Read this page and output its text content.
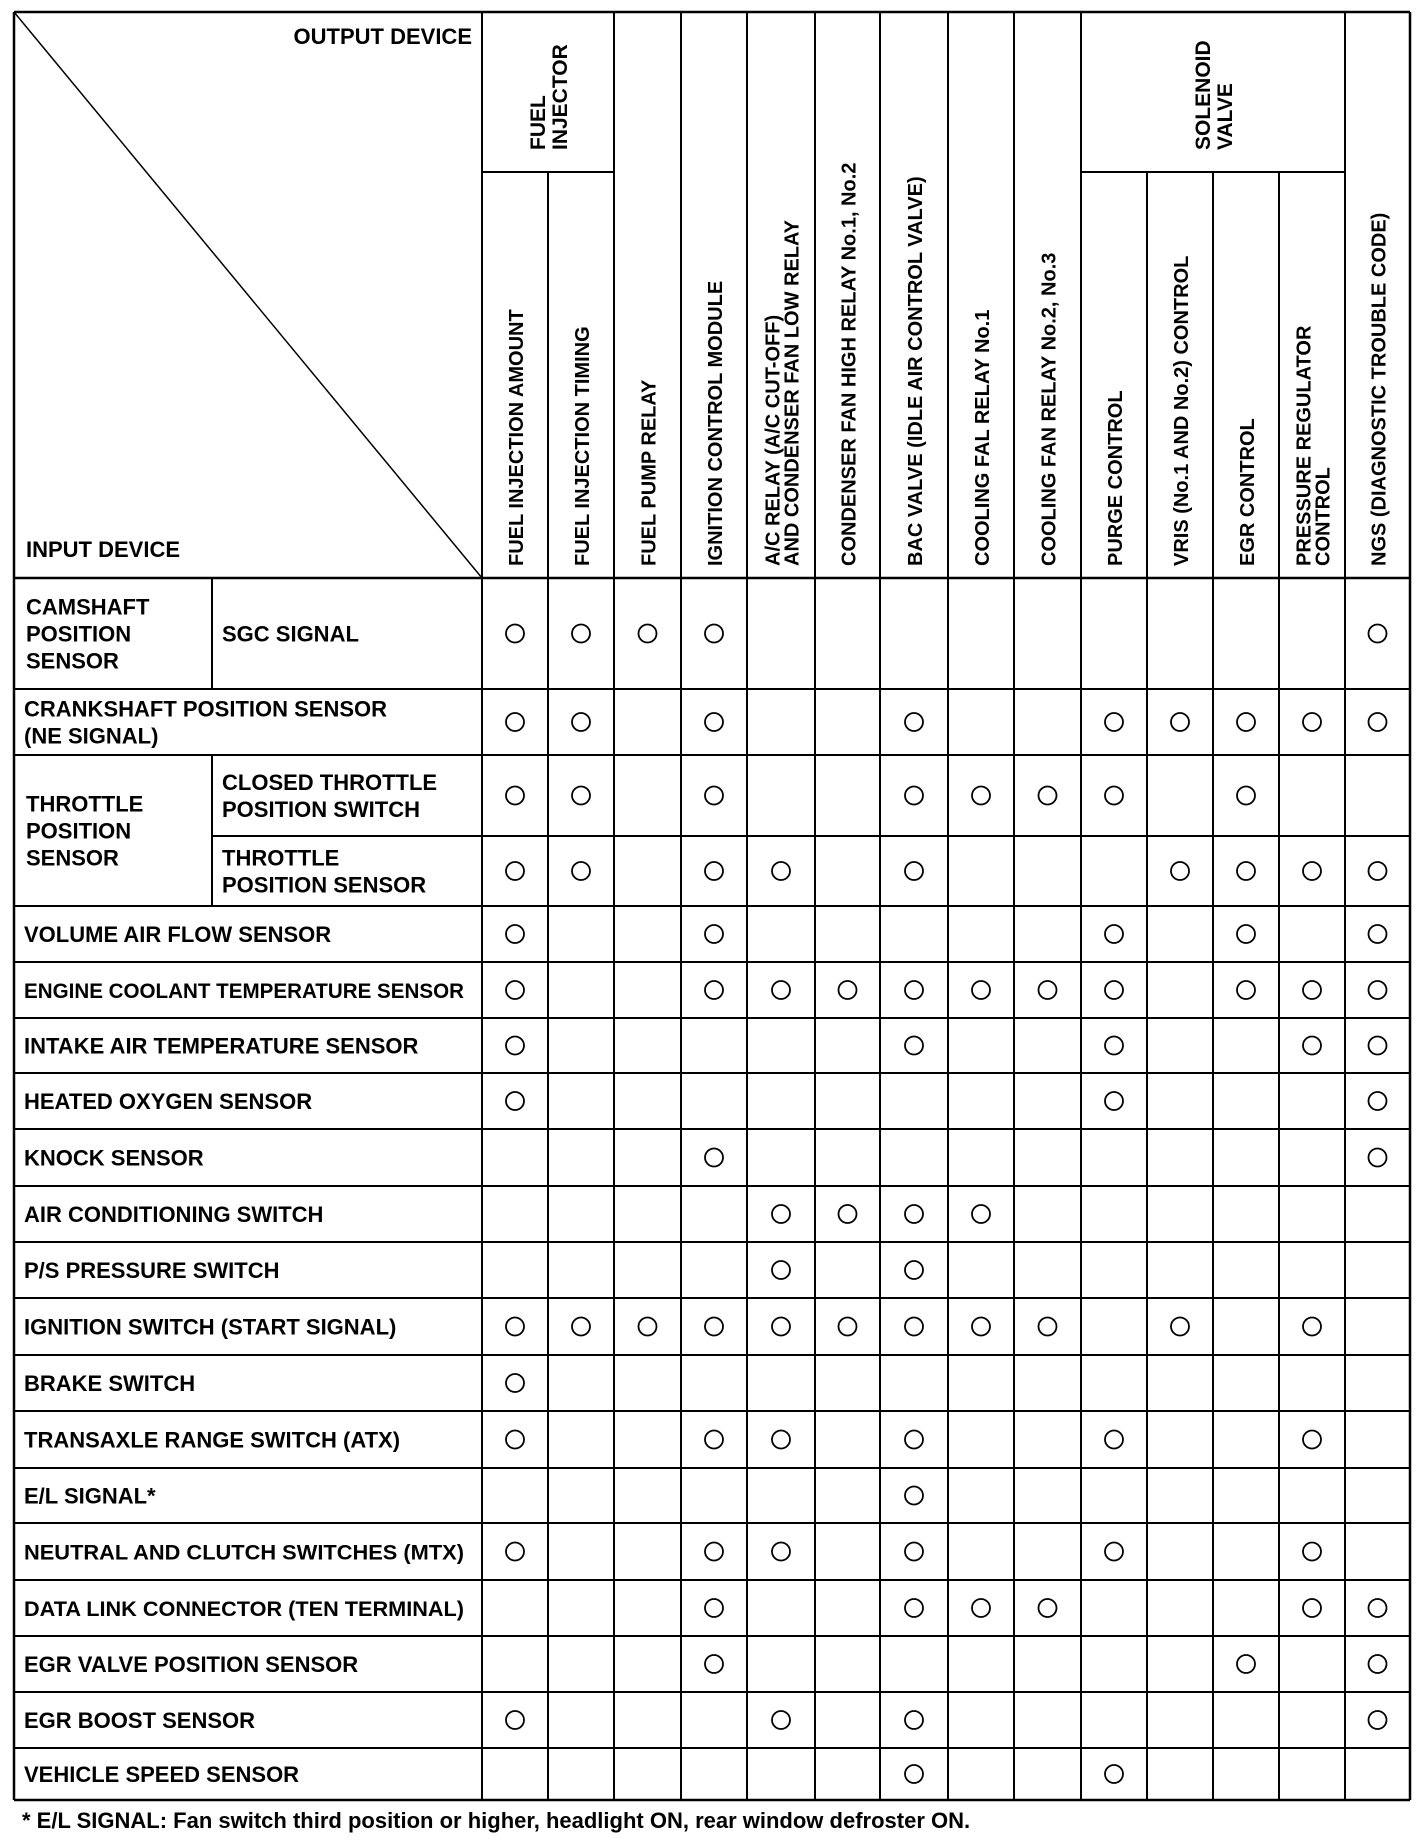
OUTPUT DEVICE
INPUT DEVICE
FUEL INJECTOR	SOLENOID VALVE
FUEL INJECTION AMOUNT FUEL INJECTION TIMING FUEL PUMP RELAY IGNITION CONTROL MODULE A/C RELAY (A/C CUT-OFF)
AND CONDENSER FAN LOW RELAY CONDENSER FAN HIGH RELAY No.1, No.2 BAC VALVE (IDLE AIR CONTROL VALVE) COOLING FAL RELAY No.1 COOLING FAN RELAY No.2, No.3 PURGE CONTROL VRIS (No.1 AND No.2) CONTROL EGR CONTROL PRESSURE REGULATOR
CONTROL NGS (DIAGNOSTIC TROUBLE CODE)
CAMSHAFT
POSITION
SENSOR
THROTTLE
POSITION
SENSOR
SGC SIGNAL
CRANKSHAFT POSITION SENSOR
(NE SIGNAL)
CLOSED THROTTLE
POSITION SWITCH
THROTTLE
POSITION SENSOR
VOLUME AIR FLOW SENSOR
ENGINE COOLANT TEMPERATURE SENSOR
INTAKE AIR TEMPERATURE SENSOR
HEATED OXYGEN SENSOR
KNOCK SENSOR
AIR CONDITIONING SWITCH
P/S PRESSURE SWITCH
IGNITION SWITCH (START SIGNAL)
BRAKE SWITCH
TRANSAXLE RANGE SWITCH (ATX)
E/L SIGNAL*
NEUTRAL AND CLUTCH SWITCHES (MTX)
DATA LINK CONNECTOR (TEN TERMINAL)
EGR VALVE POSITION SENSOR
EGR BOOST SENSOR
VEHICLE SPEED SENSOR
* E/L SIGNAL: Fan switch third position or higher, headlight ON, rear window defroster ON.
